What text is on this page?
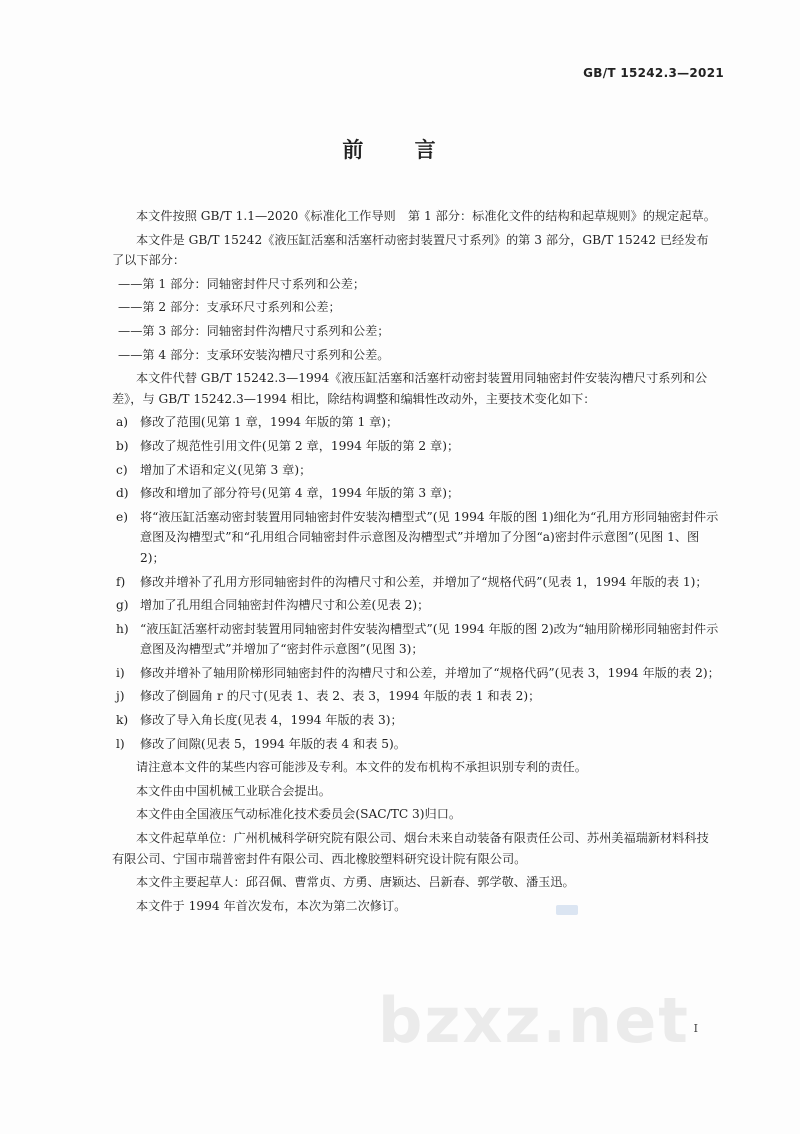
GB/T 15242.3—2021
前 言

本文件按照 GB/T 1.1—2020《标准化工作导则　第 1 部分：标准化文件的结构和起草规则》的规定起草。

本文件是 GB/T 15242《液压缸活塞和活塞杆动密封装置尺寸系列》的第 3 部分，GB/T 15242 已经发布了以下部分：

——第 1 部分：同轴密封件尺寸系列和公差；
——第 2 部分：支承环尺寸系列和公差；
——第 3 部分：同轴密封件沟槽尺寸系列和公差；
——第 4 部分：支承环安装沟槽尺寸系列和公差。

本文件代替 GB/T 15242.3—1994《液压缸活塞和活塞杆动密封装置用同轴密封件安装沟槽尺寸系列和公差》，与 GB/T 15242.3—1994 相比，除结构调整和编辑性改动外，主要技术变化如下：

a) 修改了范围(见第 1 章，1994 年版的第 1 章)；
b) 修改了规范性引用文件(见第 2 章，1994 年版的第 2 章)；
c)	增加了术语和定义(见第 3 章)；
d) 修改和增加了部分符号(见第 4 章，1994 年版的第 3 章)；
e) 将“液压缸活塞动密封装置用同轴密封件安装沟槽型式”(见 1994 年版的图 1)细化为“孔用方形同轴密封件示意图及沟槽型式”和“孔用组合同轴密封件示意图及沟槽型式”并增加了分图“a)密封件示意图”(见图 1、图 2)；
f)	修改并增补了孔用方形同轴密封件的沟槽尺寸和公差，并增加了“规格代码”(见表 1，1994 年版的表 1)；
g) 增加了孔用组合同轴密封件沟槽尺寸和公差(见表 2)；
h) “液压缸活塞杆动密封装置用同轴密封件安装沟槽型式”(见 1994 年版的图 2)改为“轴用阶梯形同轴密封件示意图及沟槽型式”并增加了“密封件示意图”(见图 3)；
i)	修改并增补了轴用阶梯形同轴密封件的沟槽尺寸和公差，并增加了“规格代码”(见表 3，1994 年版的表 2)；
j)	修改了倒圆角 r 的尺寸(见表 1、表 2、表 3，1994 年版的表 1 和表 2)；
k) 修改了导入角长度(见表 4，1994 年版的表 3)；
l)	修改了间隙(见表 5，1994 年版的表 4 和表 5)。

请注意本文件的某些内容可能涉及专利。本文件的发布机构不承担识别专利的责任。

本文件由中国机械工业联合会提出。

本文件由全国液压气动标准化技术委员会(SAC/TC 3)归口。

本文件起草单位：广州机械科学研究院有限公司、烟台未来自动装备有限责任公司、苏州美福瑞新材料科技有限公司、宁国市瑞普密封件有限公司、西北橡胶塑料研究设计院有限公司。

本文件主要起草人：邱召佩、曹常贞、方勇、唐颖达、吕新春、郭学敬、潘玉迅。

本文件于 1994 年首次发布，本次为第二次修订。

bzxz.net I
